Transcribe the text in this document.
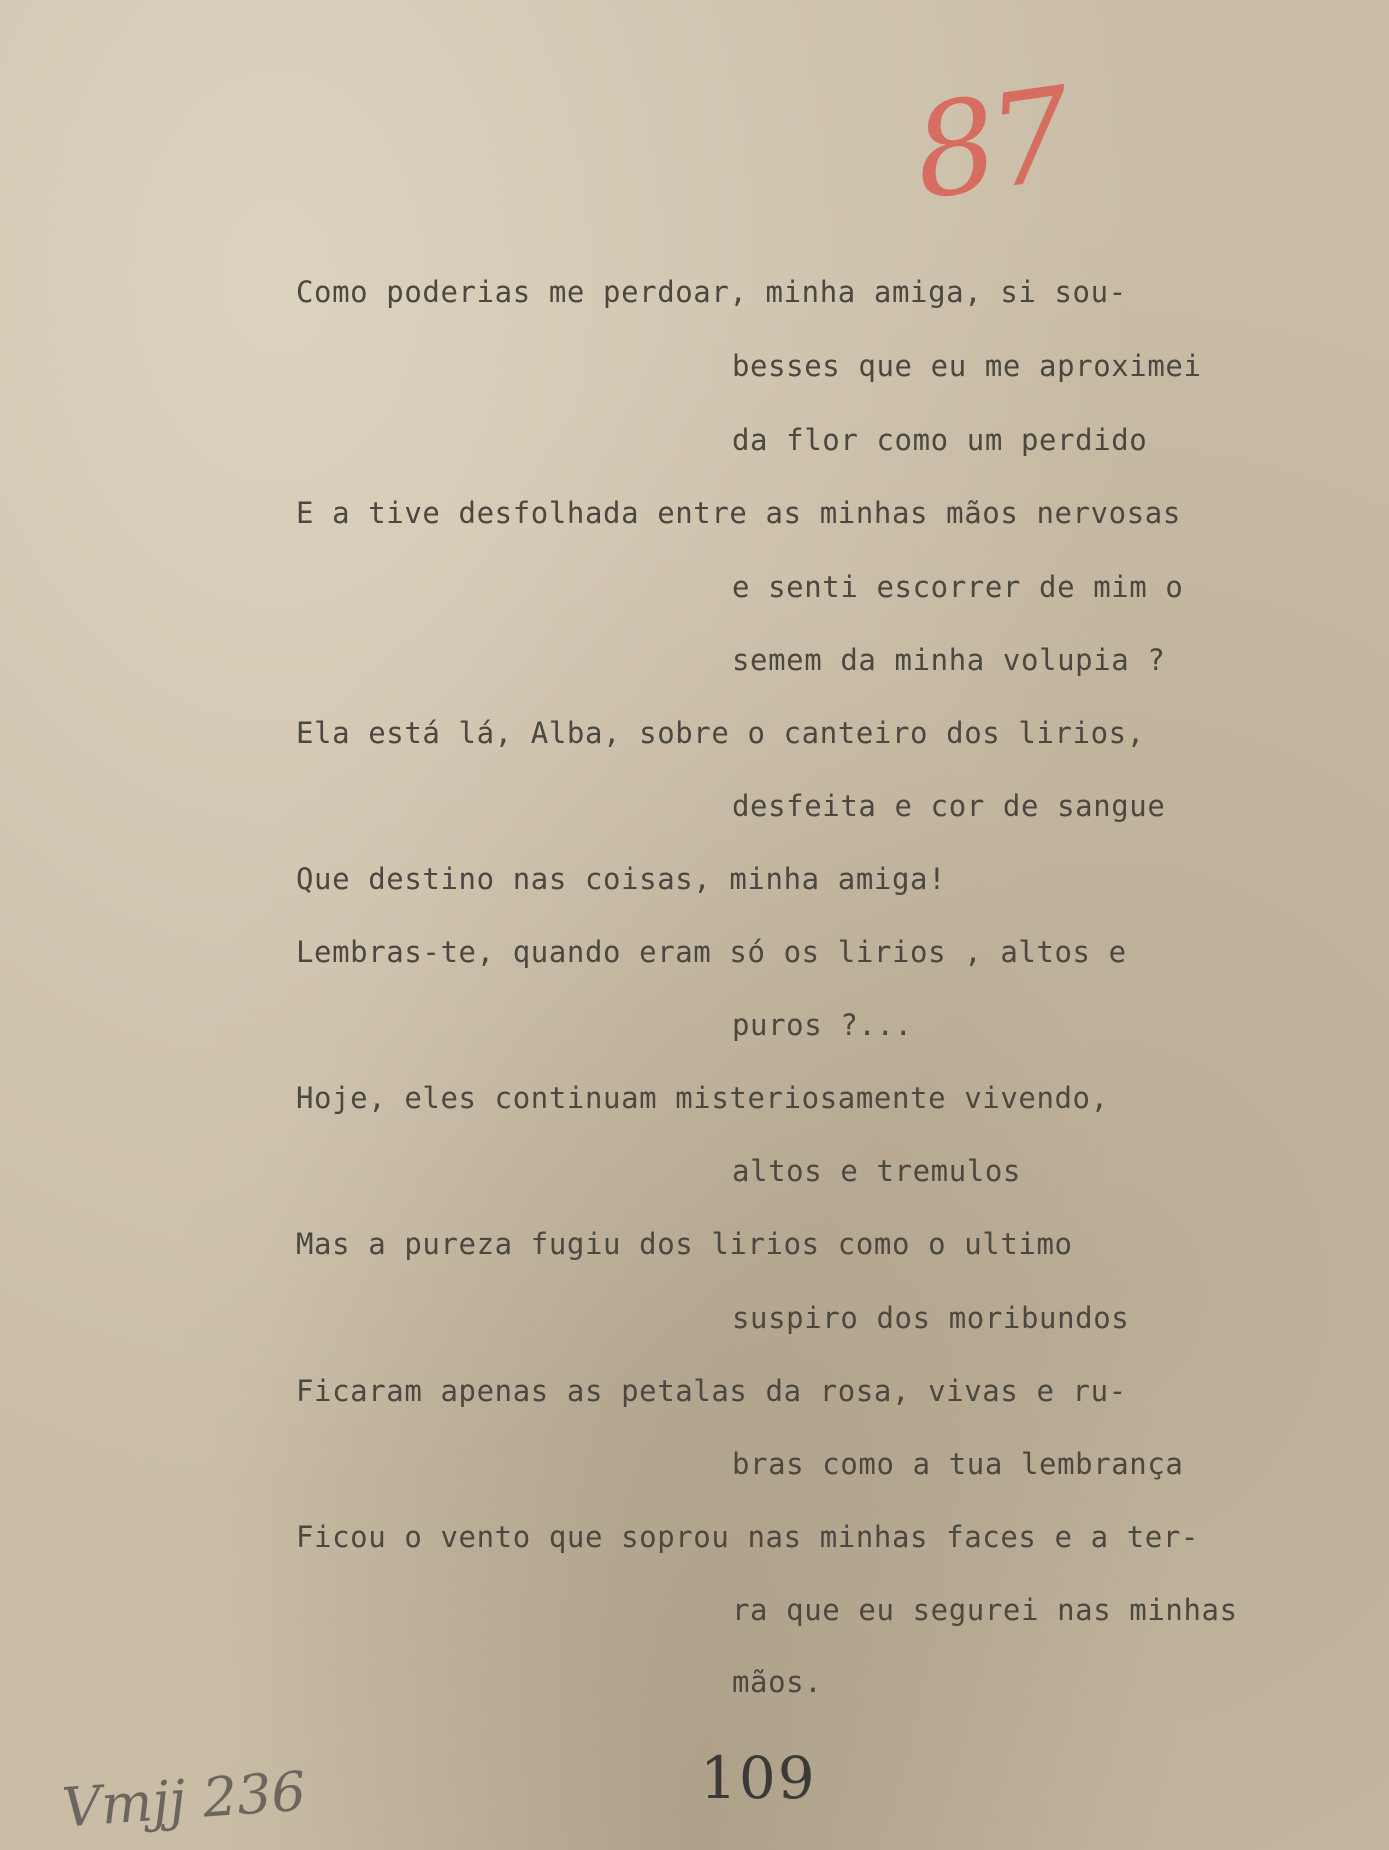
87
Como poderias me perdoar, minha amiga, si sou-
besses que eu me aproximei
da flor como um perdido
E a tive desfolhada entre as minhas mãos nervosas
e senti escorrer de mim o
semem da minha volupia ?
Ela está lá, Alba, sobre o canteiro dos lirios,
desfeita e cor de sangue
Que destino nas coisas, minha amiga!
Lembras-te, quando eram só os lirios , altos e
puros ?...
Hoje, eles continuam misteriosamente vivendo,
altos e tremulos
Mas a pureza fugiu dos lirios como o ultimo
suspiro dos moribundos
Ficaram apenas as petalas da rosa, vivas e ru-
bras como a tua lembrança
Ficou o vento que soprou nas minhas faces e a ter-
ra que eu segurei nas minhas
mãos.
109
Vmjj 236
